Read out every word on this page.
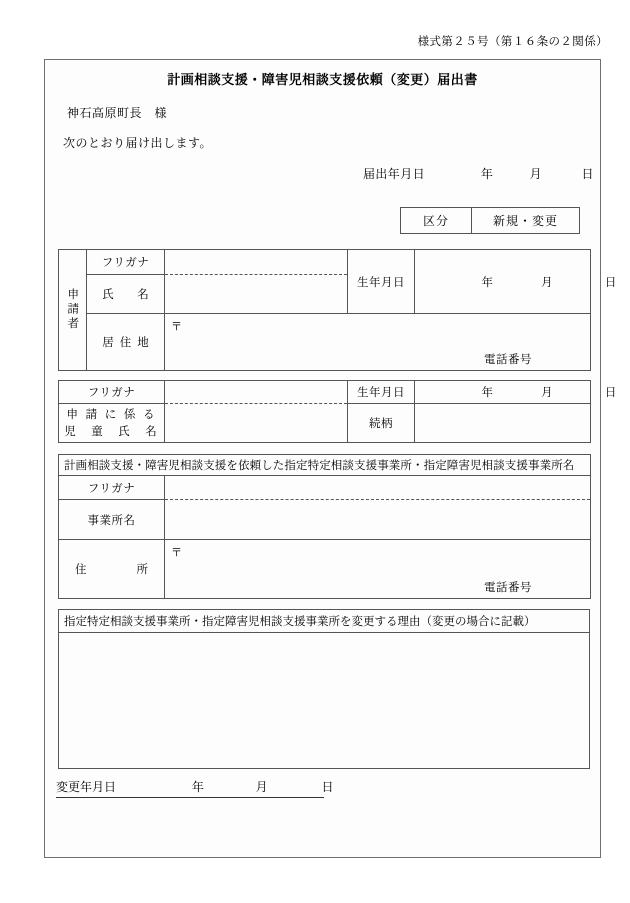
様式第２５号（第１６条の２関係）
計画相談支援・障害児相談支援依頼（変更）届出書
神石高原町長　様
次のとおり届け出します。
届出年月日	年	月	日
区分	新規・変更
申請者	フリガナ		生年月日	年 月 日

	氏　名			
	居住地	〒
電話番号		
フリガナ		生年月日	年 月 日

申 請 に 係 る
児　童　氏　名		続柄	
計画相談支援・障害児相談支援を依頼した指定特定相談支援事業所・指定障害児相談支援事業所名	
フリガナ	
事業所名	
住　　所	〒
電話番号
指定特定相談支援事業所・指定障害児相談支援事業所を変更する理由（変更の場合に記載）
変更年月日	年	月	日
